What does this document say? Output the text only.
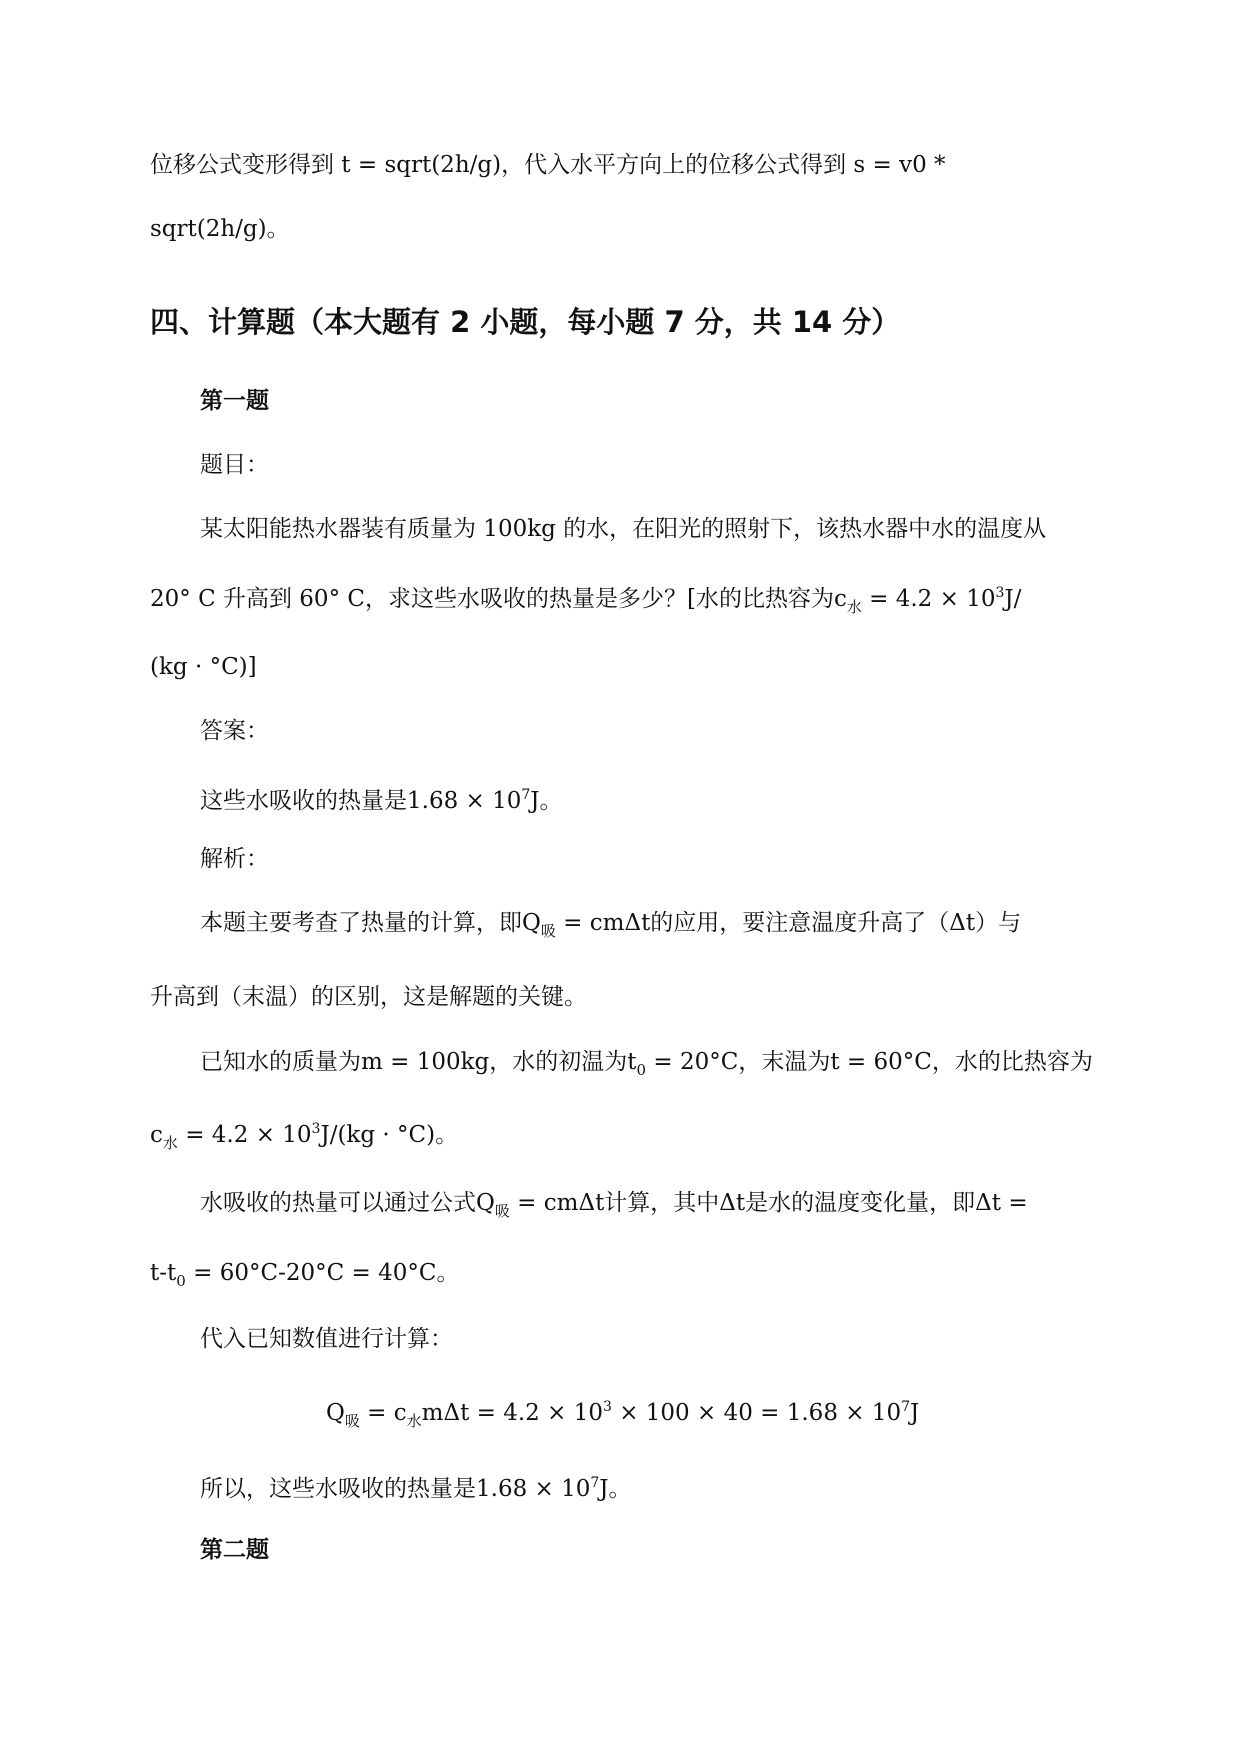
位移公式变形得到 t = sqrt(2h/g)，代入水平方向上的位移公式得到 s = v0 *
sqrt(2h/g)。
四、计算题（本大题有 2 小题，每小题 7 分，共 14 分）
第一题
题目：
某太阳能热水器装有质量为 100kg 的水，在阳光的照射下，该热水器中水的温度从
20° C 升高到 60° C，求这些水吸收的热量是多少？[水的比热容为$c_水 = 4.2 \times 10^3J/$
(kg · °C)]
答案：
这些水吸收的热量是$1.68 \times 10^7J$。
解析：
本题主要考查了热量的计算，即$Q_吸 = cm\Delta t$的应用，要注意温度升高了（Δt）与
升高到（末温）的区别，这是解题的关键。
已知水的质量为m = 100kg，水的初温为$t_0 = 20^\circ C$，末温为t = 60°C，水的比热容为
$c_水 = 4.2 \times 10^3J/(kg \cdot ^\circ C)$。
水吸收的热量可以通过公式$Q_吸 = cm\Delta t$计算，其中Δt是水的温度变化量，即Δt =
$t-t_0 = 60^\circ C-20^\circ C = 40^\circ C$。
代入已知数值进行计算：
$Q_吸 = c_水m\Delta t = 4.2 \times 10^3 \times 100 \times 40 = 1.68 \times 10^7J$
所以，这些水吸收的热量是$1.68 \times 10^7J$。
第二题
